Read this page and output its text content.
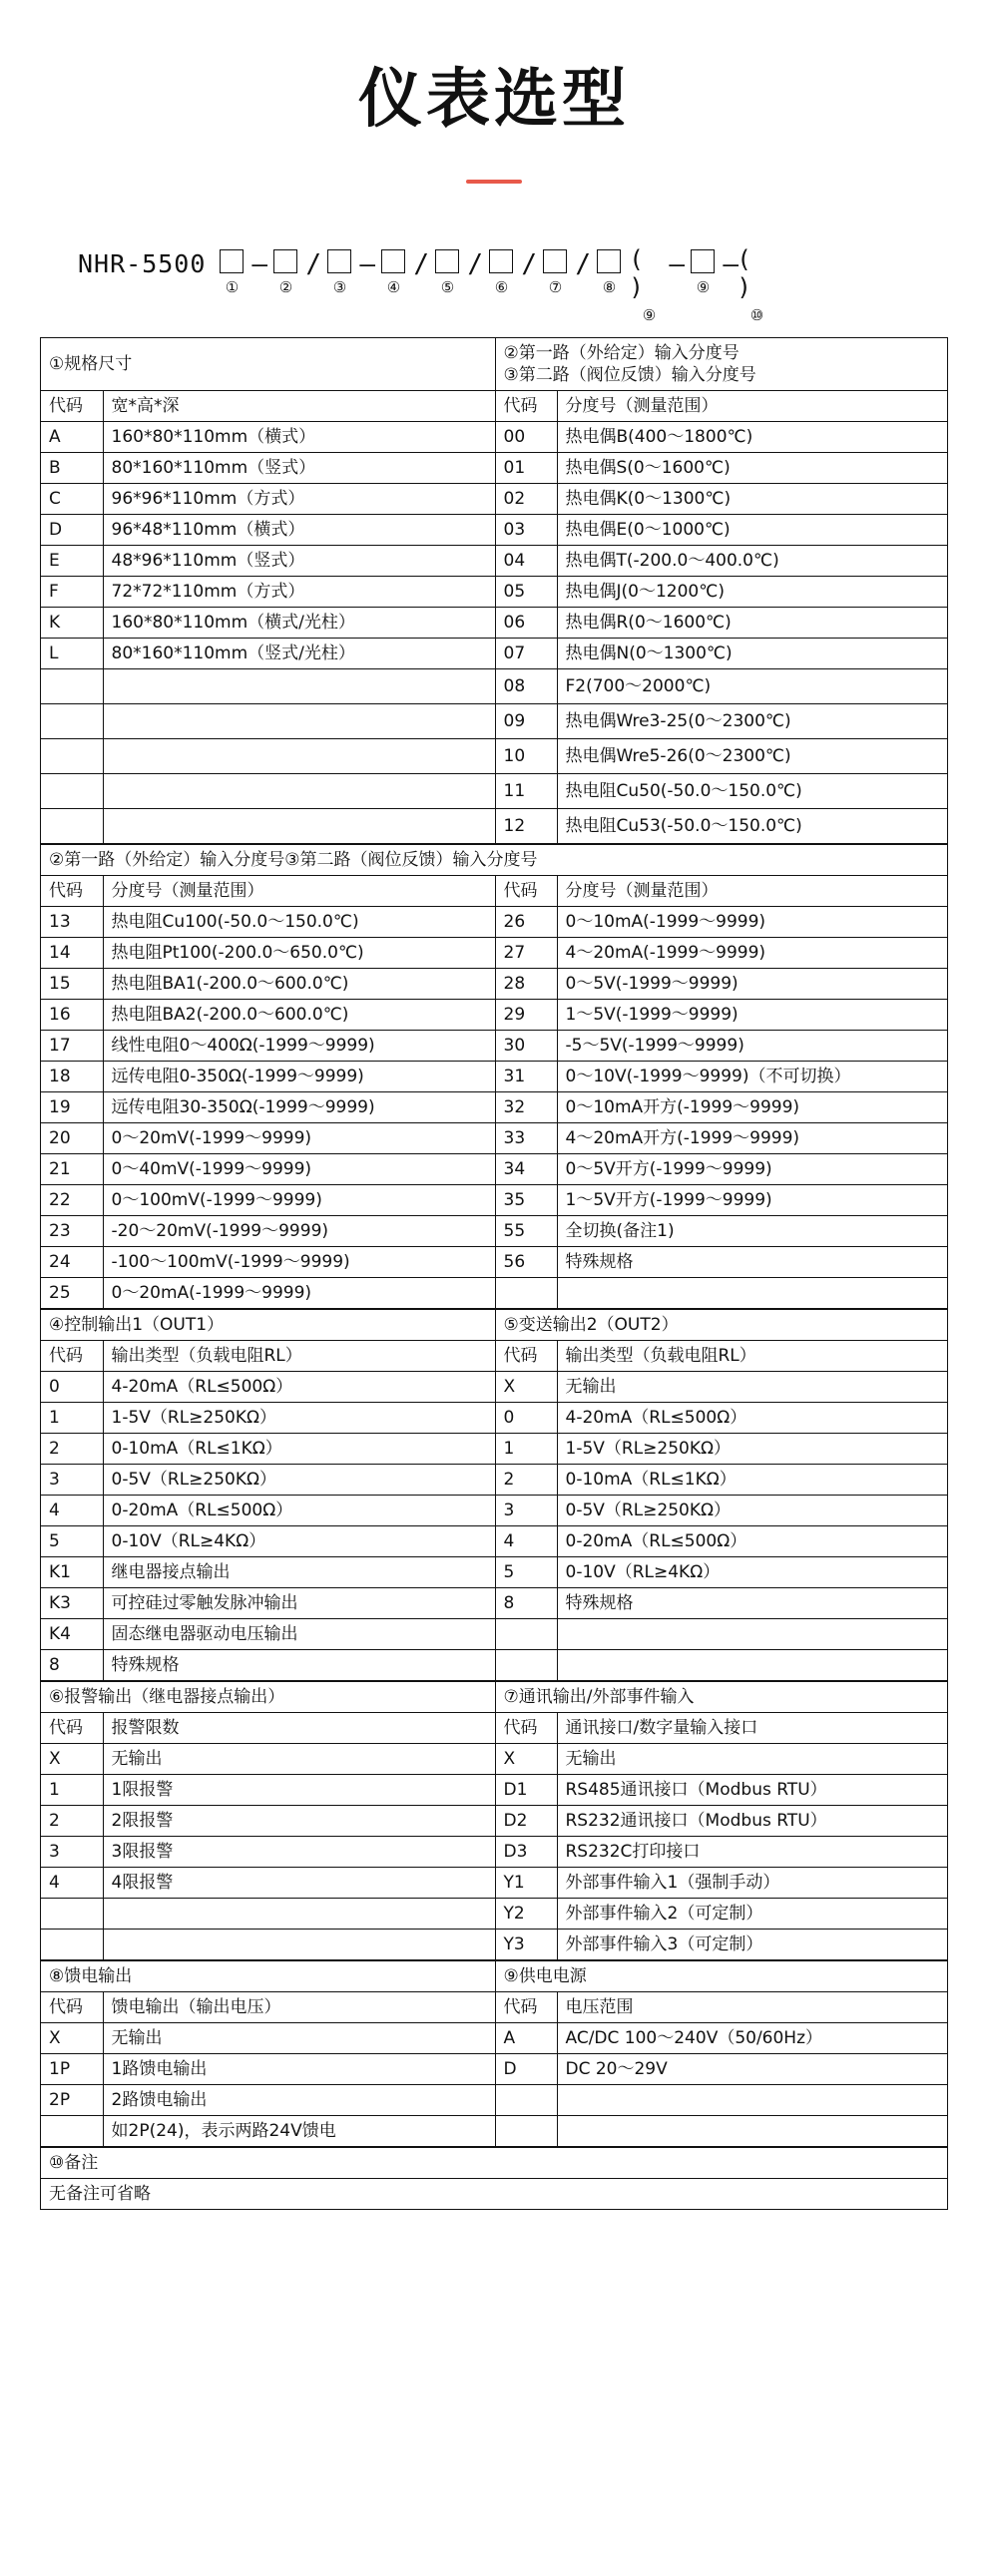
仪表选型
NHR-5500
①
–
②
/
③
–
④
/
⑤
/
⑥
/
⑦
/
⑧
( )
⑨
–
⑨
–
( )
⑩
①规格尺寸		②第一路（外给定）输入分度号
③第二路（阀位反馈）输入分度号	

代码	宽*高*深	代码	分度号（测量范围）
A	160*80*110mm（横式）	00	热电偶B(400～1800℃)
B	80*160*110mm（竖式）	01	热电偶S(0～1600℃)
C	96*96*110mm（方式）	02	热电偶K(0～1300℃)
D	96*48*110mm（横式）	03	热电偶E(0～1000℃)
E	48*96*110mm（竖式）	04	热电偶T(-200.0～400.0℃)
F	72*72*110mm（方式）	05	热电偶J(0～1200℃)
K	160*80*110mm（横式/光柱）	06	热电偶R(0～1600℃)
L	80*160*110mm（竖式/光柱）	07	热电偶N(0～1300℃)
		08	F2(700～2000℃)
		09	热电偶Wre3-25(0～2300℃)
		10	热电偶Wre5-26(0～2300℃)
		11	热电阻Cu50(-50.0～150.0℃)
		12	热电阻Cu53(-50.0～150.0℃)
②第一路（外给定）输入分度号③第二路（阀位反馈）输入分度号			
代码	分度号（测量范围）	代码	分度号（测量范围）
13	热电阻Cu100(-50.0～150.0℃)	26	0～10mA(-1999～9999)
14	热电阻Pt100(-200.0～650.0℃)	27	4～20mA(-1999～9999)
15	热电阻BA1(-200.0～600.0℃)	28	0～5V(-1999～9999)
16	热电阻BA2(-200.0～600.0℃)	29	1～5V(-1999～9999)
17	线性电阻0～400Ω(-1999～9999)	30	-5～5V(-1999～9999)
18	远传电阻0-350Ω(-1999～9999)	31	0～10V(-1999～9999)（不可切换）
19	远传电阻30-350Ω(-1999～9999)	32	0～10mA开方(-1999～9999)
20	0～20mV(-1999～9999)	33	4～20mA开方(-1999～9999)
21	0～40mV(-1999～9999)	34	0～5V开方(-1999～9999)
22	0～100mV(-1999～9999)	35	1～5V开方(-1999～9999)
23	-20～20mV(-1999～9999)	55	全切换(备注1)
24	-100～100mV(-1999～9999)	56	特殊规格
25	0～20mA(-1999～9999)		
④控制输出1（OUT1）		⑤变送输出2（OUT2）	
代码	输出类型（负载电阻RL）	代码	输出类型（负载电阻RL）
0	4-20mA（RL≤500Ω）	X	无输出
1	1-5V（RL≥250KΩ）	0	4-20mA（RL≤500Ω）
2	0-10mA（RL≤1KΩ）	1	1-5V（RL≥250KΩ）
3	0-5V（RL≥250KΩ）	2	0-10mA（RL≤1KΩ）
4	0-20mA（RL≤500Ω）	3	0-5V（RL≥250KΩ）
5	0-10V（RL≥4KΩ）	4	0-20mA（RL≤500Ω）
K1	继电器接点输出	5	0-10V（RL≥4KΩ）
K3	可控硅过零触发脉冲输出	8	特殊规格
K4	固态继电器驱动电压输出		
8	特殊规格		
⑥报警输出（继电器接点输出）		⑦通讯输出/外部事件输入	
代码	报警限数	代码	通讯接口/数字量输入接口
X	无输出	X	无输出
1	1限报警	D1	RS485通讯接口（Modbus RTU）
2	2限报警	D2	RS232通讯接口（Modbus RTU）
3	3限报警	D3	RS232C打印接口
4	4限报警	Y1	外部事件输入1（强制手动）
		Y2	外部事件输入2（可定制）
		Y3	外部事件输入3（可定制）
⑧馈电输出		⑨供电电源	
代码	馈电输出（输出电压）	代码	电压范围
X	无输出	A	AC/DC 100～240V（50/60Hz）
1P	1路馈电输出	D	DC 20～29V
2P	2路馈电输出		
	如2P(24)，表示两路24V馈电		
⑩备注
无备注可省略
